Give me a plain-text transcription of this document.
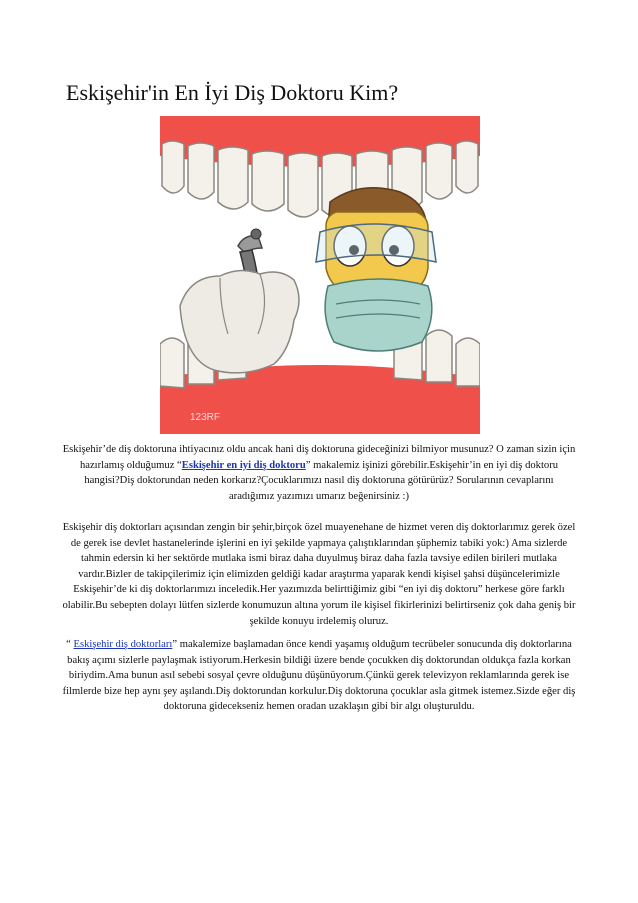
Eskişehir'in En İyi Diş Doktoru Kim?
123RF

Eskişehir’de diş doktoruna ihtiyacınız oldu ancak hani diş doktoruna gideceğinizi bilmiyor musunuz? O zaman sizin için hazırlamış olduğumuz “Eskişehir en iyi diş doktoru” makalemiz işinizi görebilir.Eskişehir’in en iyi diş doktoru hangisi?Diş doktorundan neden korkarız?Çocuklarımızı nasıl diş doktoruna götürürüz? Sorularının cevaplarını aradığımız yazımızı umarız beğenirsiniz :)

Eskişehir diş doktorları açısından zengin bir şehir,birçok özel muayenehane de hizmet veren diş doktorlarımız gerek özel de gerek ise devlet hastanelerinde işlerini en iyi şekilde yapmaya çalıştıklarından şüphemiz tabiki yok:) Ama sizlerde tahmin edersin ki her sektörde mutlaka ismi biraz daha duyulmuş biraz daha fazla tavsiye edilen birileri mutlaka vardır.Bizler de takipçilerimiz için elimizden geldiği kadar araştırma yaparak kendi kişisel şahsi düşüncelerimizle Eskişehir’de ki diş doktorlarımızı inceledik.Her yazımızda belirttiğimiz gibi “en iyi diş doktoru” herkese göre farklı olabilir.Bu sebepten dolayı lütfen sizlerde konumuzun altına yorum ile kişisel fikirlerinizi belirtirseniz çok daha geniş bir şekilde konuyu irdelemiş oluruz.

“ Eskişehir diş doktorları” makalemize başlamadan önce kendi yaşamış olduğum tecrübeler sonucunda diş doktorlarına bakış açımı sizlerle paylaşmak istiyorum.Herkesin bildiği üzere bende çocukken diş doktorundan oldukça fazla korkan biriydim.Ama bunun asıl sebebi sosyal çevre olduğunu düşünüyorum.Çünkü gerek televizyon reklamlarında gerek ise filmlerde bize hep aynı şey aşılandı.Diş doktorundan korkulur.Diş doktoruna çocuklar asla gitmek istemez.Sizde eğer diş doktoruna gidecekseniz hemen oradan uzaklaşın gibi bir algı oluşturuldu.
